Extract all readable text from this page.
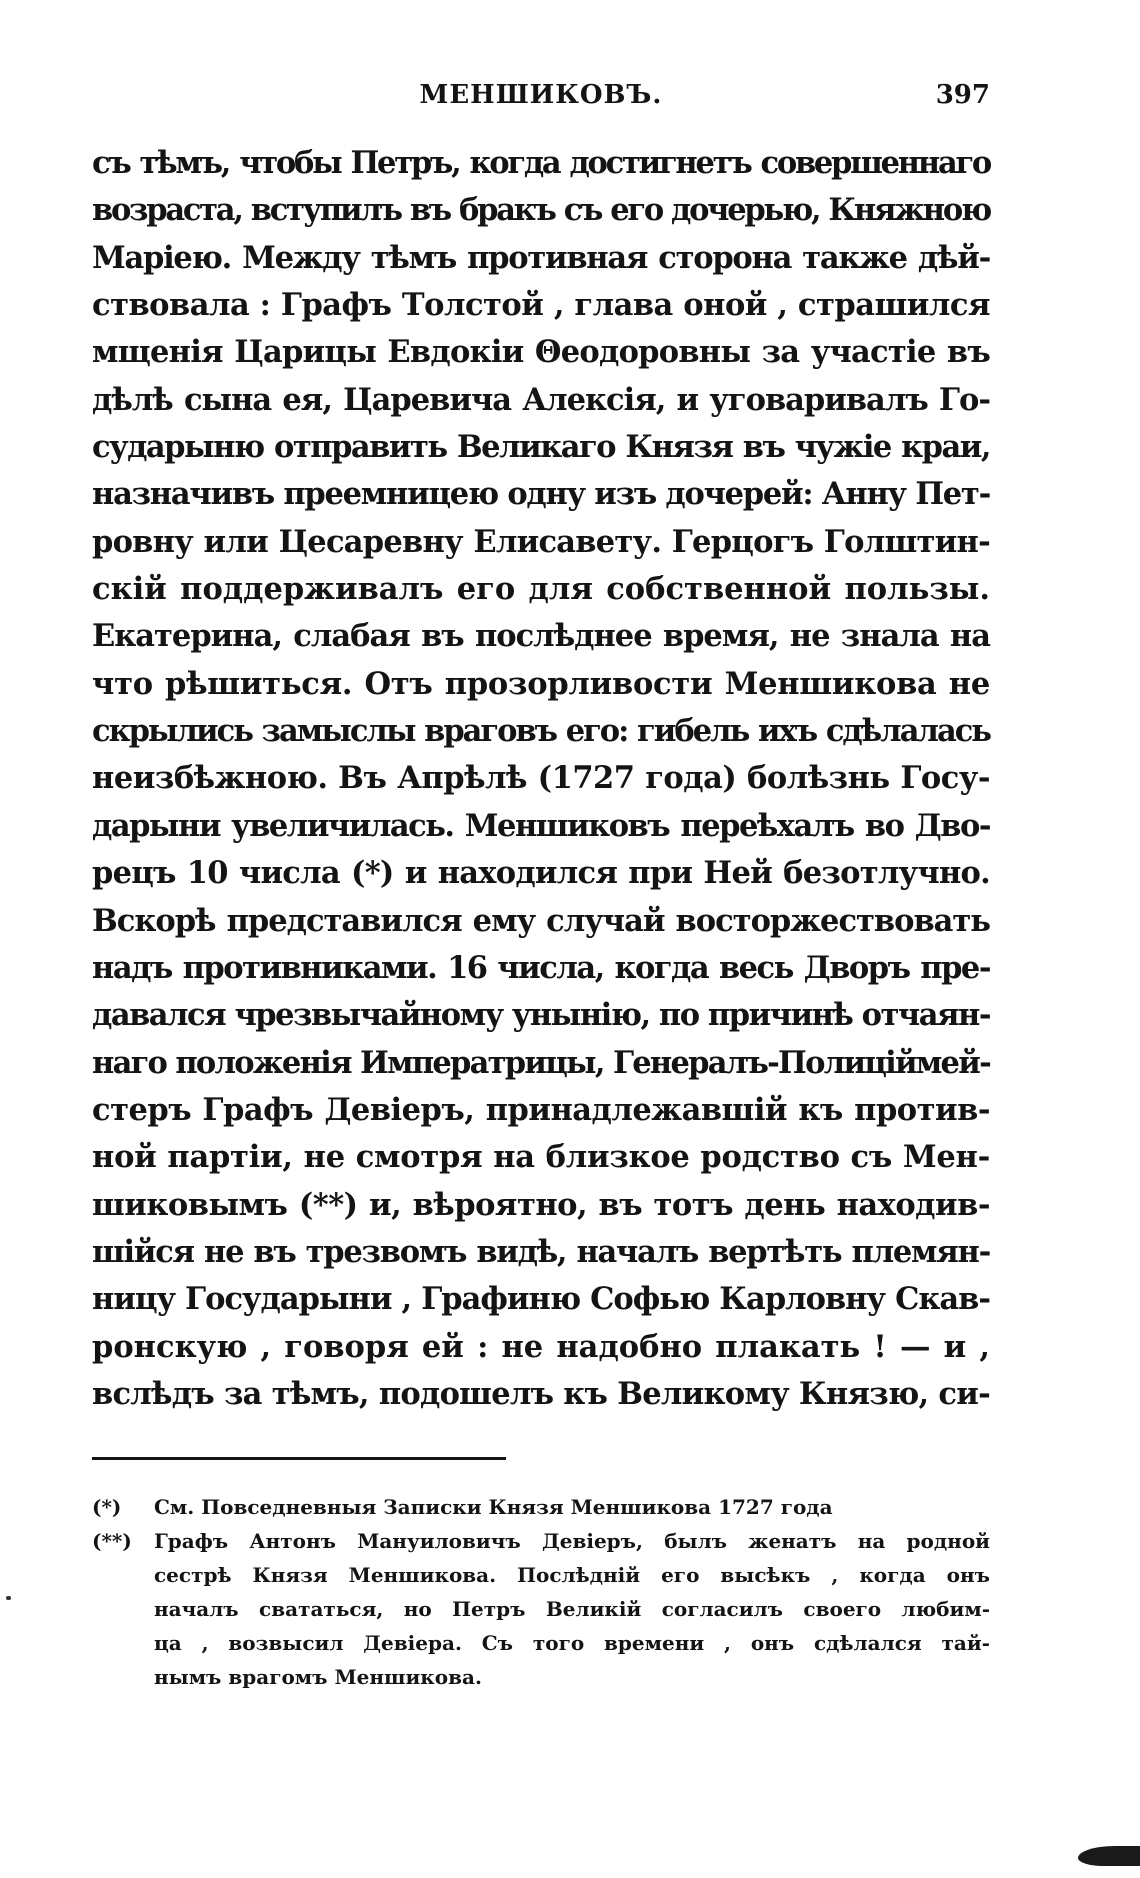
МЕНШИКОВЪ.	397
съ тѣмъ, чтобы Петръ, когда достигнетъ совершеннаго
возраста, вступилъ въ бракъ съ его дочерью, Княжною
Марiею. Между тѣмъ противная сторона также дѣй-
ствовала : Графъ Толстой , глава оной , страшился
мщенiя Царицы Евдокiи Θеодоровны за участiе въ
дѣлѣ сына ея, Царевича Алексiя, и уговаривалъ Го-
сударыню отправить Великаго Князя въ чужiе краи,
назначивъ преемницею одну изъ дочерей: Анну Пет-
ровну или Цесаревну Елисавету. Герцогъ Голштин-
скiй поддерживалъ его для собственной пользы.
Екатерина, слабая въ послѣднее время, не знала на
что рѣшиться. Отъ прозорливости Меншикова не
скрылись замыслы враговъ его: гибель ихъ сдѣлалась
неизбѣжною. Въ Апрѣлѣ (1727 года) болѣзнь Госу-
дарыни увеличилась. Меншиковъ переѣхалъ во Дво-
рецъ 10 числа (*) и находился при Ней безотлучно.
Вскорѣ представился ему случай восторжествовать
надъ противниками. 16 числа, когда весь Дворъ пре-
давался чрезвычайному унынiю, по причинѣ отчаян-
наго положенiя Императрицы, Генералъ-Полицiймей-
стеръ Графъ Девiеръ, принадлежавшiй къ против-
ной партiи, не смотря на близкое родство съ Мен-
шиковымъ (**) и, вѣроятно, въ тотъ день находив-
шiйся не въ трезвомъ видѣ, началъ вертѣть племян-
ницу Государыни , Графиню Софью Карловну Скав-
ронскую , говоря ей : не надобно плакать ! — и ,
вслѣдъ за тѣмъ, подошелъ къ Великому Князю, си-
(*) См. Повседневныя Записки Князя Меншикова 1727 года
(**) Графъ Антонъ Мануиловичъ Девiеръ, былъ женатъ на родной
сестрѣ Князя Меншикова. Послѣднiй его высѣкъ , когда онъ
началъ свататься, но Петръ Великiй согласилъ своего любим-
ца , возвысил Девiера. Съ того времени , онъ сдѣлался тай-
нымъ врагомъ Меншикова.
